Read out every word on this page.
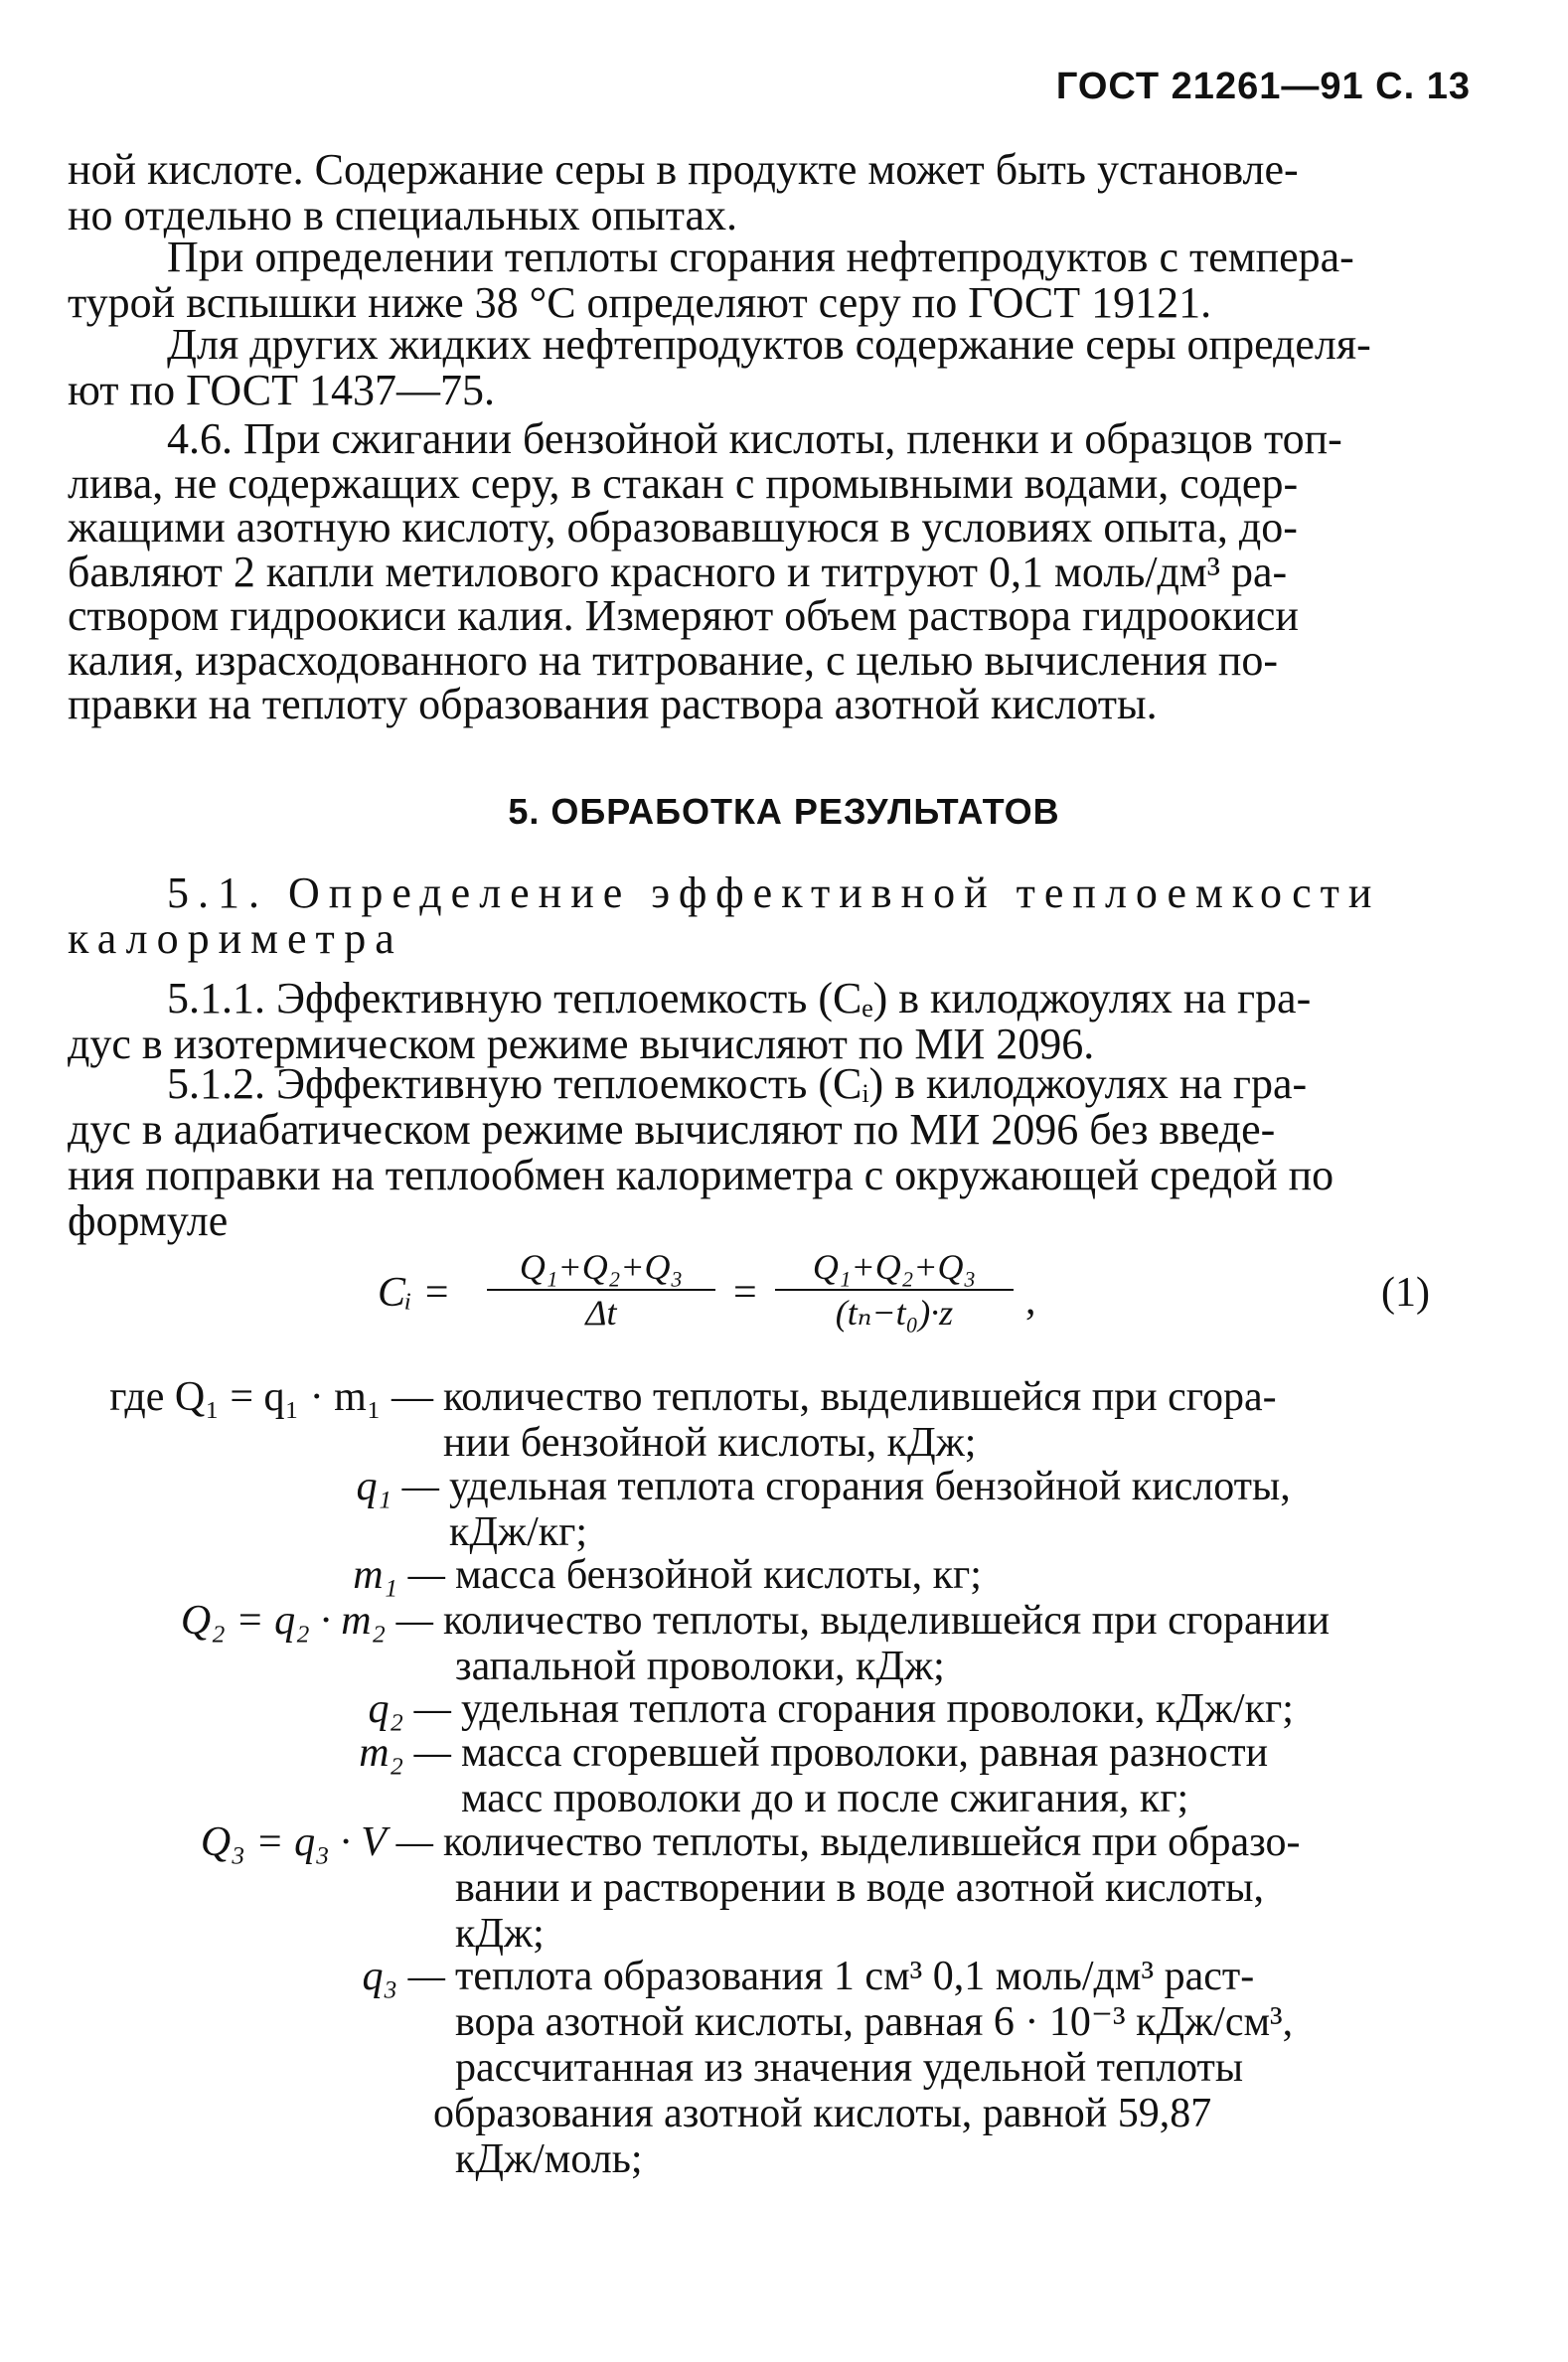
ГОСТ 21261—91 С. 13
ной кислоте. Содержание серы в продукте может быть установле-
но отдельно в специальных опытах.
При определении теплоты сгорания нефтепродуктов с темпера-
турой вспышки ниже 38 °С определяют серу по ГОСТ 19121.
Для других жидких нефтепродуктов содержание серы определя-
ют по ГОСТ 1437—75.
4.6. При сжигании бензойной кислоты, пленки и образцов топ-
лива, не содержащих серу, в стакан с промывными водами, содер-
жащими азотную кислоту, образовавшуюся в условиях опыта, до-
бавляют 2 капли метилового красного и титруют 0,1 моль/дм³ ра-
створом гидроокиси калия. Измеряют объем раствора гидроокиси
калия, израсходованного на титрование, с целью вычисления по-
правки на теплоту образования раствора азотной кислоты.
5. ОБРАБОТКА РЕЗУЛЬТАТОВ
5.1. Определение эффективной теплоемкости
калориметра
5.1.1. Эффективную теплоемкость (Cₑ) в килоджоулях на гра-
дус в изотермическом режиме вычисляют по МИ 2096.
5.1.2. Эффективную теплоемкость (Cᵢ) в килоджоулях на гра-
дус в адиабатическом режиме вычисляют по МИ 2096 без введе-
ния поправки на теплообмен калориметра с окружающей средой по
формуле
Cᵢ =
Q₁+Q₂+Q₃
Δt	=
Q₁+Q₂+Q₃
(tₙ−t₀)·z	,	(1)
где Q₁ = q₁ · m₁ — количество теплоты, выделившейся при сгора-
нии бензойной кислоты, кДж;
q₁ — удельная теплота сгорания бензойной кислоты,
кДж/кг;
m₁ — масса бензойной кислоты, кг;
Q₂ = q₂ · m₂ — количество теплоты, выделившейся при сгорании
запальной проволоки, кДж;
q₂ — удельная теплота сгорания проволоки, кДж/кг;
m₂ — масса сгоревшей проволоки, равная разности
масс проволоки до и после сжигания, кг;
Q₃ = q₃ · V — количество теплоты, выделившейся при образо-
вании и растворении в воде азотной кислоты,
кДж;
q₃ — теплота образования 1 см³ 0,1 моль/дм³ раст-
вора азотной кислоты, равная 6 · 10⁻³ кДж/см³,
рассчитанная из значения удельной теплоты
образования азотной кислоты, равной 59,87
кДж/моль;
